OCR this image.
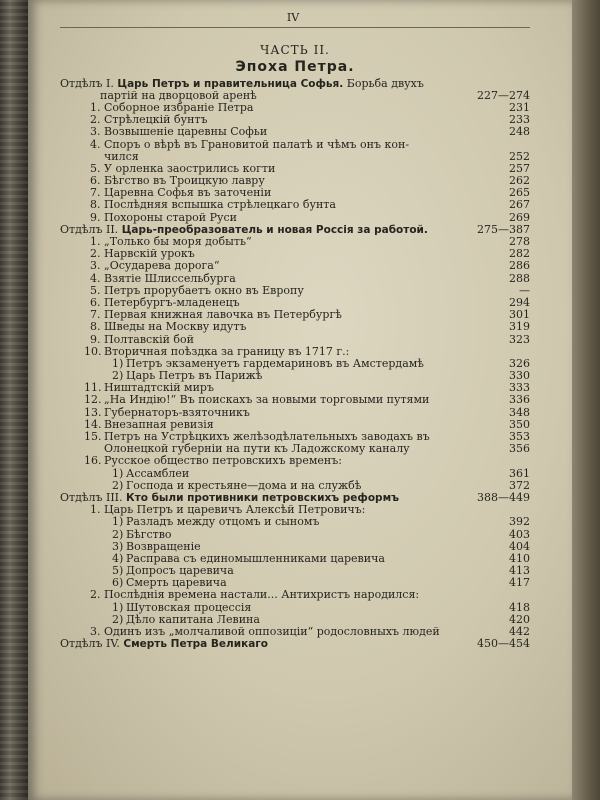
IV
ЧАСТЬ II.
Эпоха Петра.
Отдѣлъ I. Царь Петръ и правительница Софья. Борьба двухъ
партій на дворцовой аренѣ	227—274
1. Соборное избраніе Петра	231
2. Стрѣлецкій бунтъ	233
3. Возвышеніе царевны Софьи	248
4. Споръ о вѣрѣ въ Грановитой палатѣ и чѣмъ онъ кон-
чился	252
5. У орленка заострились когти	257
6. Бѣгство въ Троицкую лавру	262
7. Царевна Софья въ заточеніи	265
8. Послѣдняя вспышка стрѣлецкаго бунта	267
9. Похороны старой Руси	269
Отдѣлъ II. Царь-преобразователь и новая Россія за работой.	275—387
1. „Только бы моря добыть“	278
2. Нарвскій урокъ	282
3. „Осударева дорога“	286
4. Взятіе Шлиссельбурга	288
5. Петръ прорубаетъ окно въ Европу	—
6. Петербургъ-младенецъ	294
7. Первая книжная лавочка въ Петербургѣ	301
8. Шведы на Москву идутъ	319
9. Полтавскій бой	323
10. Вторичная поѣздка за границу въ 1717 г.:
1) Петръ экзаменуетъ гардемариновъ въ Амстердамѣ	326
2) Царь Петръ въ Парижѣ	330
11. Ништадтскій миръ	333
12. „На Индію!“ Въ поискахъ за новыми торговыми путями	336
13. Губернаторъ-взяточникъ	348
14. Внезапная ревизія	350
15. Петръ на Устрѣцкихъ желѣзодѣлательныхъ заводахъ въ	353
Олонецкой губерніи на пути къ Ладожскому каналу	356
16. Русское общество петровскихъ временъ:
1) Ассамблеи	361
2) Господа и крестьяне—дома и на службѣ	372
Отдѣлъ III. Кто были противники петровскихъ реформъ	388—449
1. Царь Петръ и царевичъ Алексѣй Петровичъ:
1) Разладъ между отцомъ и сыномъ	392
2) Бѣгство	403
3) Возвращеніе	404
4) Расправа съ единомышленниками царевича	410
5) Допросъ царевича	413
6) Смерть царевича	417
2. Послѣднія времена настали... Антихристъ народился:
1) Шутовская процессія	418
2) Дѣло капитана Левина	420
3. Одинъ изъ „молчаливой оппозиціи“ родословныхъ людей	442
Отдѣлъ IV. Смерть Петра Великаго	450—454
